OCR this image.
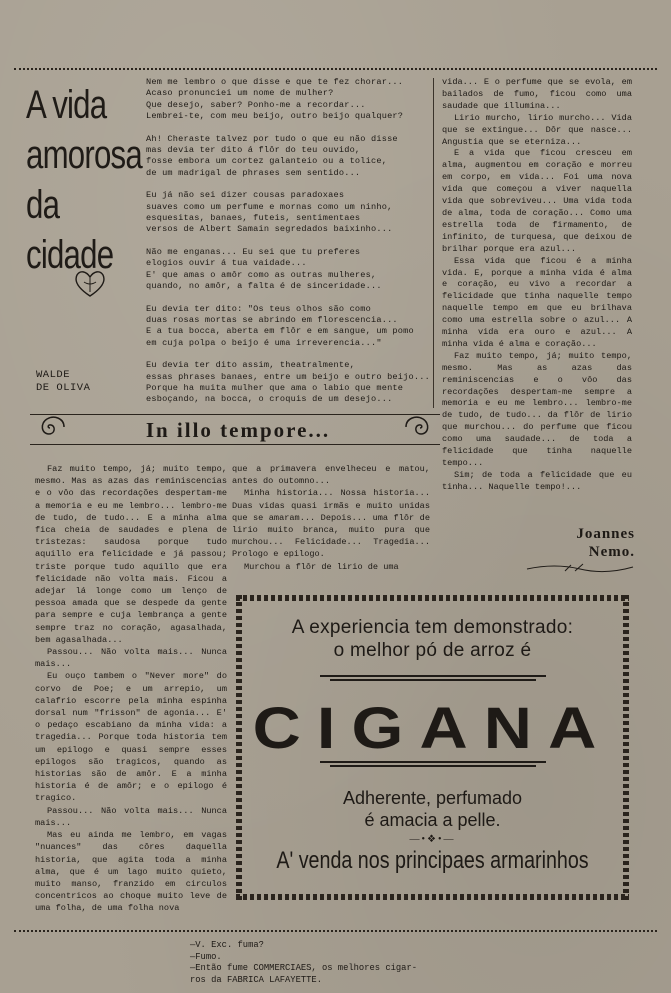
A vida
amorosa
da
cidade
WALDE
DE OLIVA
Nem me lembro o que disse e que te fez chorar...
Acaso pronunciei um nome de mulher?
Que desejo, saber? Ponho-me a recordar...
Lembrei-te, com meu beijo, outro beijo qualquer?
Ah! Cheraste talvez por tudo o que eu não disse
mas devia ter dito á flôr do teu ouvido,
fosse embora um cortez galanteio ou a tolice,
de um madrigal de phrases sem sentido...
Eu já não sei dizer cousas paradoxaes
suaves como um perfume e mornas como um ninho,
esquesitas, banaes, futeis, sentimentaes
versos de Albert Samain segredados baixinho...
Não me enganas... Eu sei que tu preferes
elogios ouvir á tua vaidade...
E' que amas o amôr como as outras mulheres,
quando, no amôr, a falta é de sinceridade...
Eu devia ter dito: "Os teus olhos são como
duas rosas mortas se abrindo em florescencia...
E a tua bocca, aberta em flôr e em sangue, um pomo
em cuja polpa o beijo é uma irreverencia..."
Eu devia ter dito assim, theatralmente,
essas phrases banaes, entre um beijo e outro beijo...
Porque ha muita mulher que ama o labio que mente
esboçando, na bocca, o croquis de um desejo...

vida... E o perfume que se evola, em bailados de fumo, ficou como uma saudade que illumina...

Lirio murcho, lirio murcho... Vida que se extingue... Dôr que nasce... Angustia que se eterniza...

E a vida que ficou cresceu em alma, augmentou em coração e morreu em corpo, em vida... Foi uma nova vida que começou a viver naquella vida que sobreviveu... Uma vida toda de alma, toda de coração... Como uma estrella toda de firmamento, de infinito, de turquesa, que deixou de brilhar porque era azul...

Essa vida que ficou é a minha vida. E, porque a minha vida é alma e coração, eu vivo a recordar a felicidade que tinha naquelle tempo naquelle tempo em que eu brilhava como uma estrella sobre o azul... A minha vida era ouro e azul... A minha vida é alma e coração...

Faz muito tempo, já; muito tempo, mesmo. Mas as azas das reminiscencias e o vôo das recordações despertam-me sempre a memoria e eu me lembro... lembro-me de tudo, de tudo... da flôr de lirio que murchou... do perfume que ficou como uma saudade... de toda a felicidade que tinha naquelle tempo...

Sim; de toda a felicidade que eu tinha... Naquelle tempo!...

Joannes
Nemo.
In illo tempore...

Faz muito tempo, já; muito tempo, mesmo. Mas as azas das reminiscencias e o vôo das recordações despertam-me a memoria e eu me lembro... lembro-me de tudo, de tudo... E a minha alma fica cheia de saudades e plena de tristezas: saudosa porque tudo aquillo era felicidade e já passou; triste porque tudo aquillo que era felicidade não volta mais. Ficou a adejar lá longe como um lenço de pessoa amada que se despede da gente para sempre e cuja lembrança a gente sempre traz no coração, agasalhada, bem agasalhada...

Passou... Não volta mais... Nunca mais...

Eu ouço tambem o "Never more" do corvo de Poe; e um arrepio, um calafrio escorre pela minha espinha dorsal num "frisson" de agonia... E' o pedaço escabiano da minha vida: a tragedia... Porque toda historia tem um epilogo e quasi sempre esses epilogos são tragicos, quando as historias são de amôr. E a minha historia é de amôr; e o epilogo é tragico.

Passou... Não volta mais... Nunca mais...

Mas eu ainda me lembro, em vagas "nuances" das côres daquella historia, que agita toda a minha alma, que é um lago muito quieto, muito manso, franzido em circulos concentricos ao choque muito leve de uma folha, de uma folha nova

que a primavera envelheceu e matou, antes do outomno...

Minha historia... Nossa historia... Duas vidas quasi irmãs e muito unidas que se amaram... Depois... uma flôr de lirio muito branca, muito pura que murchou... Felicidade... Tragedia... Prologo e epilogo.

Murchou a flôr de lirio de uma

A experiencia tem demonstrado:
o melhor pó de arroz é
CIGANA
Adherente, perfumado
é amacia a pelle.
—•❖•—
A' venda nos principaes armarinhos
—V. Exc. fuma?
—Fumo.
—Então fume COMMERCIAES, os melhores cigar-
ros da FABRICA LAFAYETTE.
